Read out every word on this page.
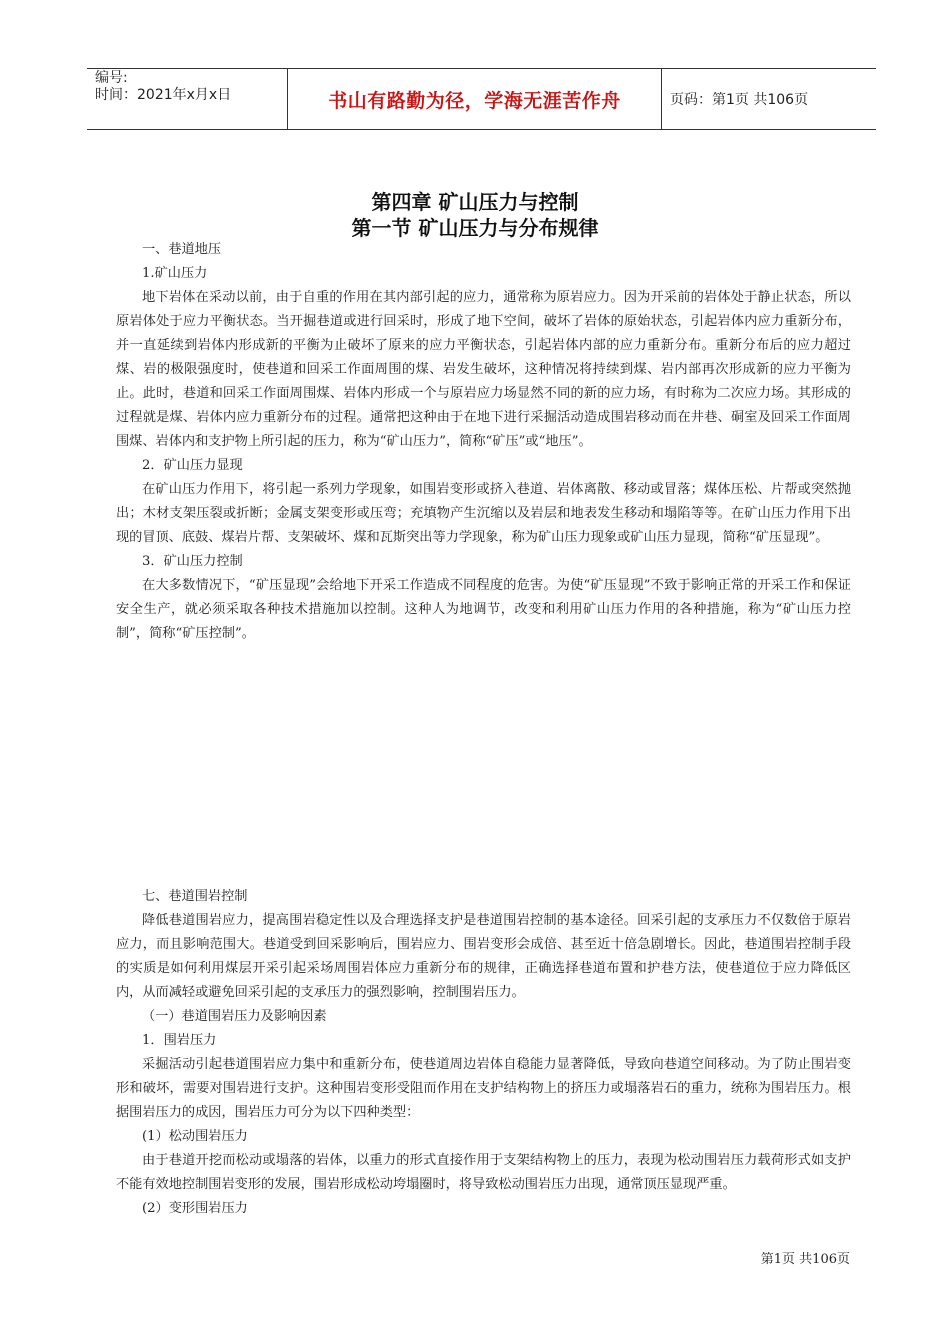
编号:
时间：2021年x月x日	书山有路勤为径，学海无涯苦作舟	页码：第1页 共106页
第四章 矿山压力与控制
第一节 矿山压力与分布规律

一、巷道地压

1.矿山压力

地下岩体在采动以前，由于自重的作用在其内部引起的应力，通常称为原岩应力。因为开采前的岩体处于静止状态，所以原岩体处于应力平衡状态。当开掘巷道或进行回采时，形成了地下空间，破坏了岩体的原始状态，引起岩体内应力重新分布，并一直延续到岩体内形成新的平衡为止破坏了原来的应力平衡状态，引起岩体内部的应力重新分布。重新分布后的应力超过煤、岩的极限强度时，使巷道和回采工作面周围的煤、岩发生破坏，这种情况将持续到煤、岩内部再次形成新的应力平衡为止。此时，巷道和回采工作面周围煤、岩体内形成一个与原岩应力场显然不同的新的应力场，有时称为二次应力场。其形成的过程就是煤、岩体内应力重新分布的过程。通常把这种由于在地下进行采掘活动造成围岩移动而在井巷、硐室及回采工作面周围煤、岩体内和支护物上所引起的压力，称为“矿山压力”，简称“矿压”或“地压”。

2．矿山压力显现

在矿山压力作用下，将引起一系列力学现象，如围岩变形或挤入巷道、岩体离散、移动或冒落；煤体压松、片帮或突然抛出；木材支架压裂或折断；金属支架变形或压弯；充填物产生沉缩以及岩层和地表发生移动和塌陷等等。在矿山压力作用下出现的冒顶、底鼓、煤岩片帮、支架破坏、煤和瓦斯突出等力学现象，称为矿山压力现象或矿山压力显现，简称“矿压显现”。

3．矿山压力控制

在大多数情况下，“矿压显现”会给地下开采工作造成不同程度的危害。为使“矿压显现”不致于影响正常的开采工作和保证安全生产，就必须采取各种技术措施加以控制。这种人为地调节，改变和利用矿山压力作用的各种措施，称为“矿山压力控制”，简称“矿压控制”。

七、巷道围岩控制

降低巷道围岩应力，提高围岩稳定性以及合理选择支护是巷道围岩控制的基本途径。回采引起的支承压力不仅数倍于原岩应力，而且影响范围大。巷道受到回采影响后，围岩应力、围岩变形会成倍、甚至近十倍急剧增长。因此，巷道围岩控制手段的实质是如何利用煤层开采引起采场周围岩体应力重新分布的规律，正确选择巷道布置和护巷方法，使巷道位于应力降低区内，从而减轻或避免回采引起的支承压力的强烈影响，控制围岩压力。

（一）巷道围岩压力及影响因素

1．围岩压力

采掘活动引起巷道围岩应力集中和重新分布，使巷道周边岩体自稳能力显著降低，导致向巷道空间移动。为了防止围岩变形和破坏，需要对围岩进行支护。这种围岩变形受阻而作用在支护结构物上的挤压力或塌落岩石的重力，统称为围岩压力。根据围岩压力的成因，围岩压力可分为以下四种类型：

(1）松动围岩压力

由于巷道开挖而松动或塌落的岩体，以重力的形式直接作用于支架结构物上的压力，表现为松动围岩压力载荷形式如支护不能有效地控制围岩变形的发展，围岩形成松动垮塌圈时，将导致松动围岩压力出现，通常顶压显现严重。

(2）变形围岩压力

第1页 共106页
